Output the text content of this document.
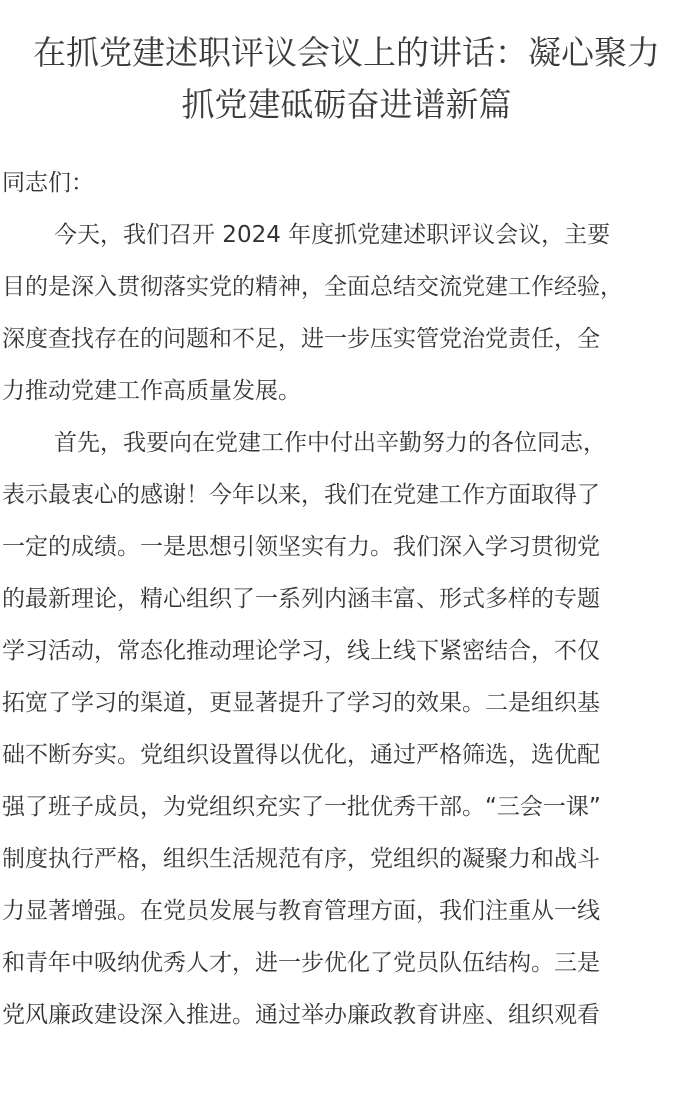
在抓党建述职评议会议上的讲话：凝心聚力
抓党建砥砺奋进谱新篇
同志们：
今天，我们召开 2024 年度抓党建述职评议会议，主要
目的是深入贯彻落实党的精神，全面总结交流党建工作经验，
深度查找存在的问题和不足，进一步压实管党治党责任，全
力推动党建工作高质量发展。
首先，我要向在党建工作中付出辛勤努力的各位同志，
表示最衷心的感谢！今年以来，我们在党建工作方面取得了
一定的成绩。一是思想引领坚实有力。我们深入学习贯彻党
的最新理论，精心组织了一系列内涵丰富、形式多样的专题
学习活动，常态化推动理论学习，线上线下紧密结合，不仅
拓宽了学习的渠道，更显著提升了学习的效果。二是组织基
础不断夯实。党组织设置得以优化，通过严格筛选，选优配
强了班子成员，为党组织充实了一批优秀干部。“三会一课”
制度执行严格，组织生活规范有序，党组织的凝聚力和战斗
力显著增强。在党员发展与教育管理方面，我们注重从一线
和青年中吸纳优秀人才，进一步优化了党员队伍结构。三是
党风廉政建设深入推进。通过举办廉政教育讲座、组织观看
